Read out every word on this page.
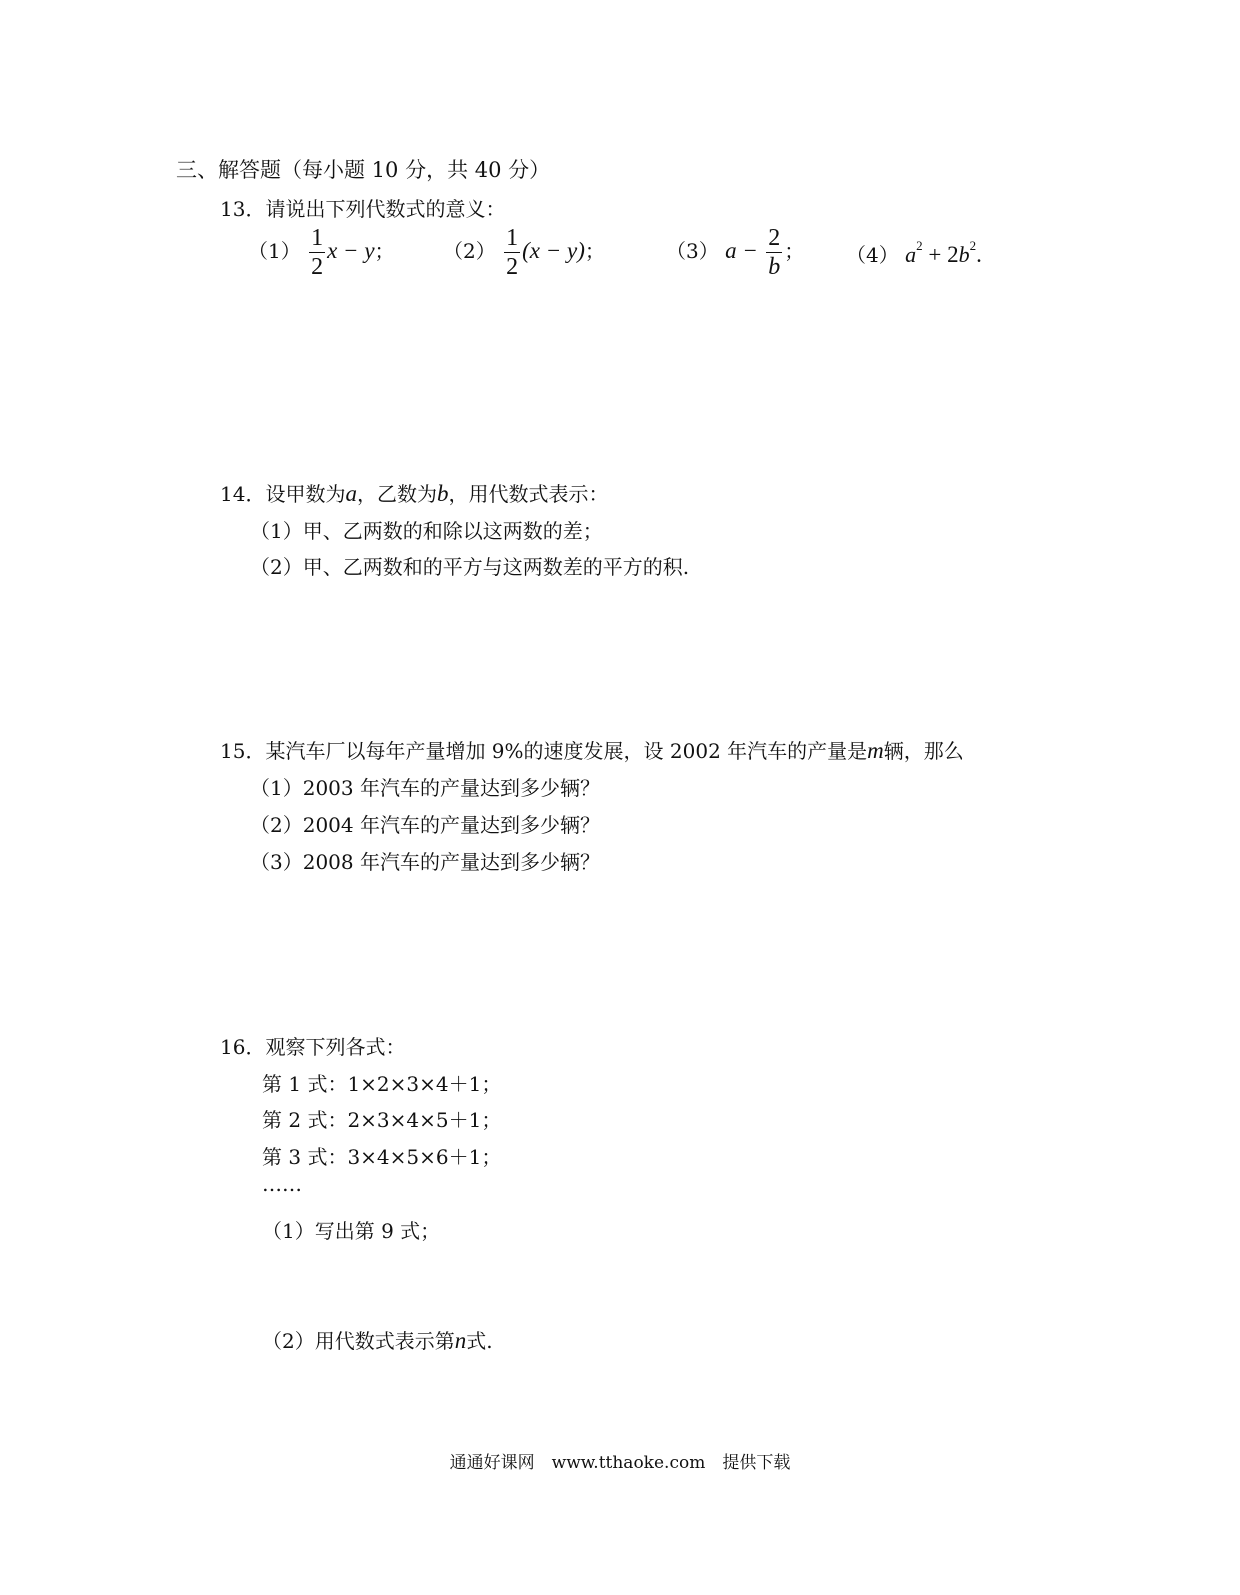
三、解答题（每小题 10 分，共 40 分）
13．请说出下列代数式的意义：
$(1) \frac{1}{2}$ x − y； $(2) \frac{1}{2} (x - y)$；	（3） $a - \frac{2}{b}$ ； （4） $a^2 + 2b^2$.
14．设甲数为a，乙数为b，用代数式表示：
（1）甲、乙两数的和除以这两数的差；
（2）甲、乙两数和的平方与这两数差的平方的积.
15．某汽车厂以每年产量增加 9%的速度发展，设 2002 年汽车的产量是m辆，那么
（1）2003 年汽车的产量达到多少辆？
（2）2004 年汽车的产量达到多少辆？
（3）2008 年汽车的产量达到多少辆？
16．观察下列各式：
第 1 式：1×2×3×4＋1；
第 2 式：2×3×4×5＋1；
第 3 式：3×4×5×6＋1；
……
（1）写出第 9 式；
（2）用代数式表示第n式.
通通好课网　www.tthaoke.com　提供下载
